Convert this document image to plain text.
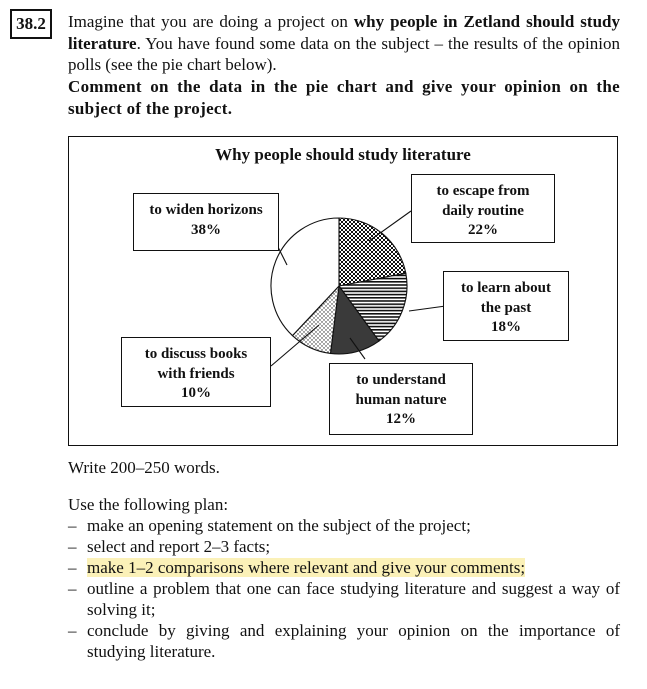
38.2	Imagine that you are doing a project on why people in Zetland should study literature. You have found some data on the subject – the results of the opinion polls (see the pie chart below).
Comment on the data in the pie chart and give your opinion on the subject of the project.
Why people should study literature
to widen horizons
38%
to escape from
daily routine
22%
to learn about
the past
18%
to discuss books
with friends
10%
to understand
human nature
12%
Write 200–250 words.
Use the following plan:
– make an opening statement on the subject of the project;
– select and report 2–3 facts;
– make 1–2 comparisons where relevant and give your comments;
– outline a problem that one can face studying literature and suggest a way of solving it;
– conclude by giving and explaining your opinion on the importance of studying literature.
